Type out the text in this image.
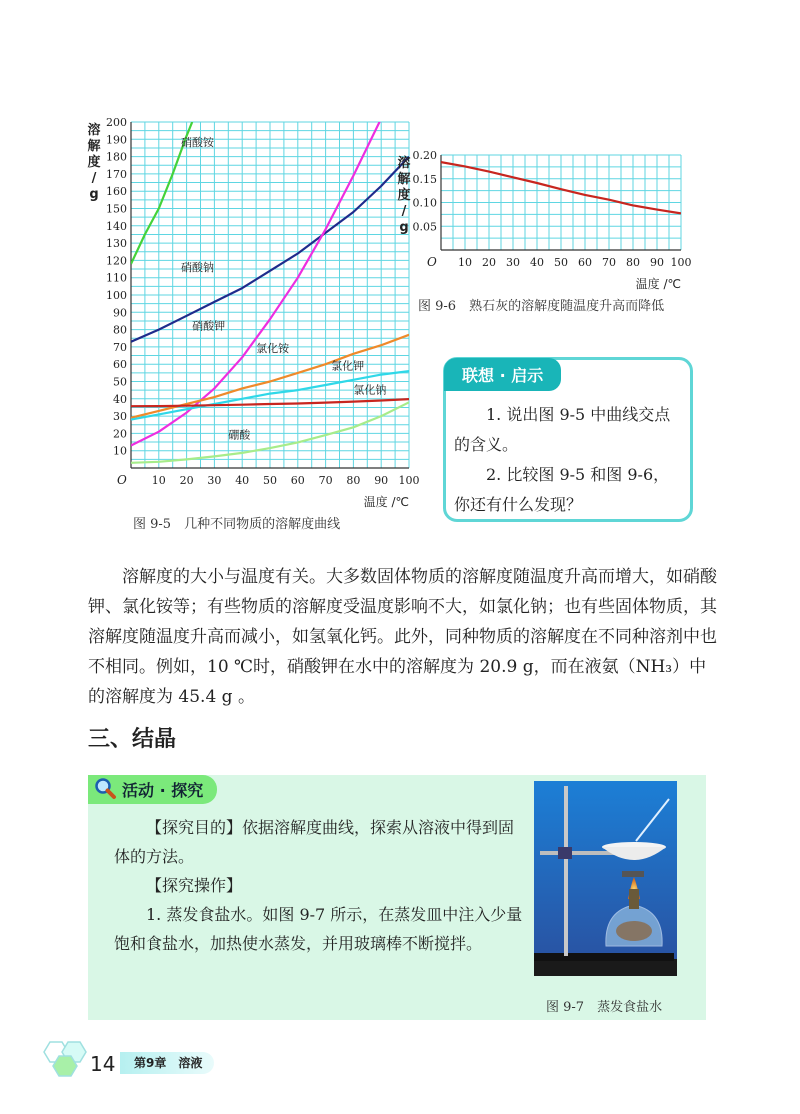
10 20 30 40 50 60 70 80 90 100
10
20
30
40
50
60
70
80
90
100
110
120
130
140
150
160
170
180
190
200
O
温度 /℃
溶
解
度
/
g
硝酸铵
硝酸钠
硝酸钾
氯化铵
氯化钾
氯化钠
硼酸
图 9-5　几种不同物质的溶解度曲线
10 20 30 40 50 60 70 80 90 100
0.05
0.10
0.15
0.20
O
温度 /℃
溶
解
度
/
g
图 9-6　熟石灰的溶解度随温度升高而降低
联想 · 启示
1. 说出图 9-5 中曲线交点的含义。
2. 比较图 9-5 和图 9-6，你还有什么发现？
溶解度的大小与温度有关。大多数固体物质的溶解度随温度升高而增大，如硝酸钾、氯化铵等；有些物质的溶解度受温度影响不大，如氯化钠；也有些固体物质，其溶解度随温度升高而减小，如氢氧化钙。此外，同种物质的溶解度在不同种溶剂中也不相同。例如，10 ℃时，硝酸钾在水中的溶解度为 20.9 g，而在液氨（NH₃）中的溶解度为 45.4 g 。
三、结晶
活动 · 探究

【探究目的】依据溶解度曲线，探索从溶液中得到固体的方法。

【探究操作】

1. 蒸发食盐水。如图 9-7 所示，在蒸发皿中注入少量饱和食盐水，加热使水蒸发，并用玻璃棒不断搅拌。

图 9-7　蒸发食盐水
14	第9章　溶液
